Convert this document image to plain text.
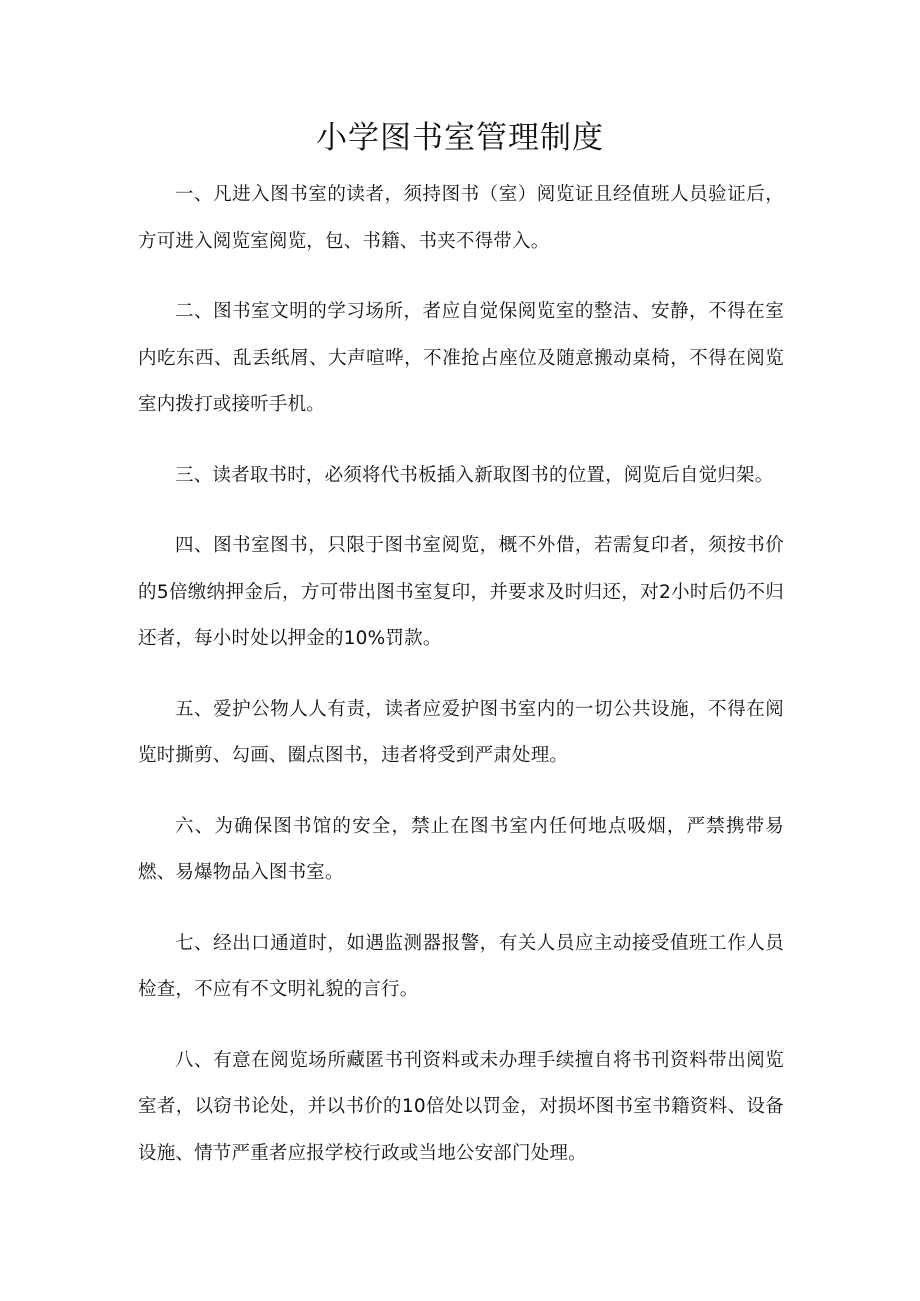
小学图书室管理制度

一、凡进入图书室的读者，须持图书（室）阅览证且经值班人员验证后，方可进入阅览室阅览，包、书籍、书夹不得带入。

二、图书室文明的学习场所，者应自觉保阅览室的整洁、安静，不得在室内吃东西、乱丢纸屑、大声喧哗，不准抢占座位及随意搬动桌椅，不得在阅览室内拨打或接听手机。

三、读者取书时，必须将代书板插入新取图书的位置，阅览后自觉归架。

四、图书室图书，只限于图书室阅览，概不外借，若需复印者，须按书价的5倍缴纳押金后，方可带出图书室复印，并要求及时归还，对2小时后仍不归还者，每小时处以押金的10%罚款。

五、爱护公物人人有责，读者应爱护图书室内的一切公共设施，不得在阅览时撕剪、勾画、圈点图书，违者将受到严肃处理。

六、为确保图书馆的安全，禁止在图书室内任何地点吸烟，严禁携带易燃、易爆物品入图书室。

七、经出口通道时，如遇监测器报警，有关人员应主动接受值班工作人员检查，不应有不文明礼貌的言行。

八、有意在阅览场所藏匿书刊资料或未办理手续擅自将书刊资料带出阅览室者，以窃书论处，并以书价的10倍处以罚金，对损坏图书室书籍资料、设备设施、情节严重者应报学校行政或当地公安部门处理。
